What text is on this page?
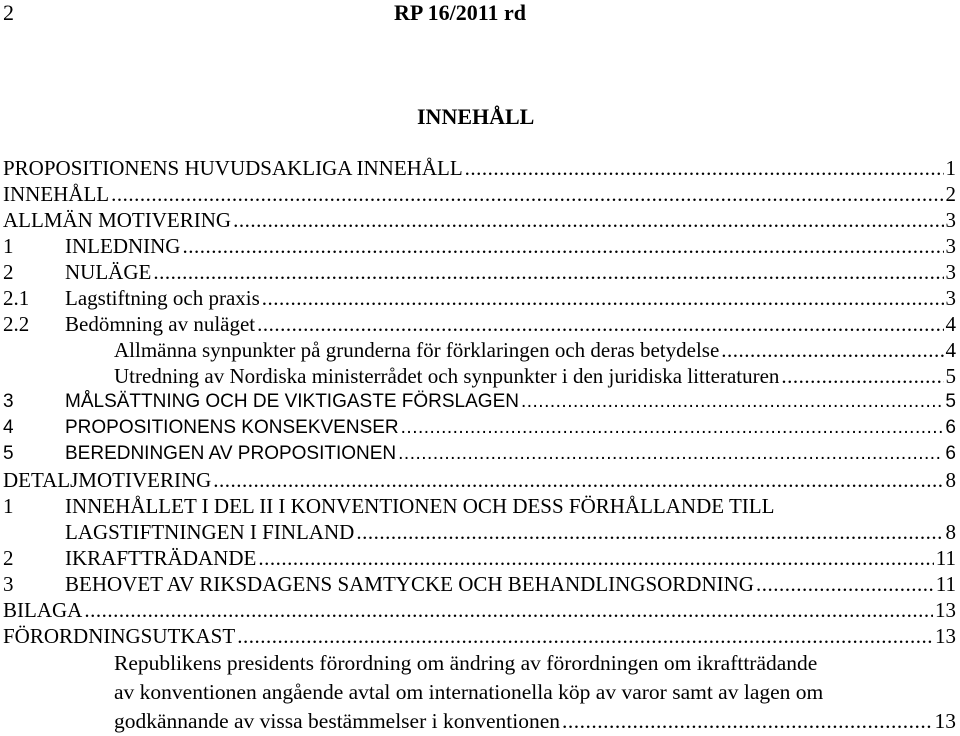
2	RP 16/2011 rd
INNEHÅLL
PROPOSITIONENS HUVUDSAKLIGA INNEHÅLL .....	1
INNEHÅLL .....	2
ALLMÄN MOTIVERING .....	3
1	INLEDNING .....	3
2	NULÄGE .....	3
2.1	Lagstiftning och praxis .....	3
2.2	Bedömning av nuläget .....	4
Allmänna synpunkter på grunderna för förklaringen och deras betydelse .....	4
Utredning av Nordiska ministerrådet och synpunkter i den juridiska litteraturen .....	5
3	MÅLSÄTTNING OCH DE VIKTIGASTE FÖRSLAGEN .....	5
4	PROPOSITIONENS KONSEKVENSER .....	6
5	BEREDNINGEN AV PROPOSITIONEN .....	6
DETALJMOTIVERING .....	8
1	INNEHÅLLET I DEL II I KONVENTIONEN OCH DESS FÖRHÅLLANDE TILL
LAGSTIFTNINGEN I FINLAND .....	8
2	IKRAFTTRÄDANDE .....	11
3	BEHOVET AV RIKSDAGENS SAMTYCKE OCH BEHANDLINGSORDNING .....	11
BILAGA .....	13
FÖRORDNINGSUTKAST .....	13
Republikens presidents förordning om ändring av förordningen om ikraftträdande
av konventionen angående avtal om internationella köp av varor samt av lagen om
godkännande av vissa bestämmelser i konventionen .....	13
